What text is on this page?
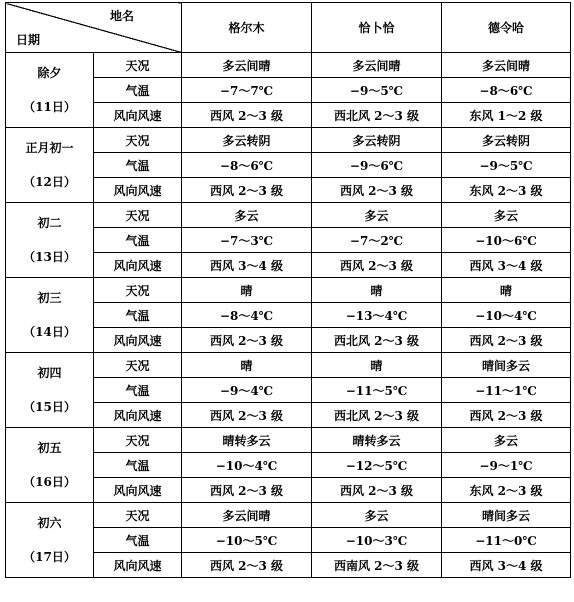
地名
日期		格尔木	恰卜恰	德令哈

除夕
（11日）	天况	多云间晴	多云间晴	多云间晴
	气温	−7～7℃	−9～5℃	−8～6℃
	风向风速	西风 2～3 级	西北风 2～3 级	东风 1～2 级

正月初一
（12日）	天况	多云转阴	多云转阴	多云转阴
	气温	−8～6℃	−9～6℃	−9～5℃
	风向风速	西风 2～3 级	西风 2～3 级	东风 2～3 级

初二
（13日）	天况	多云	多云	多云
	气温	−7～3℃	−7～2℃	−10～6℃
	风向风速	西风 3～4 级	西风 2～3 级	西风 3～4 级

初三
（14日）	天况	晴	晴	晴
	气温	−8～4℃	−13～4℃	−10～4℃
	风向风速	西风 2～3 级	西北风 2～3 级	西风 2～3 级

初四
（15日）	天况	晴	晴	晴间多云
	气温	−9～4℃	−11～5℃	−11～1℃
	风向风速	西风 2～3 级	西北风 2～3 级	西风 2～3 级

初五
（16日）	天况	晴转多云	晴转多云	多云
	气温	−10～4℃	−12～5℃	−9～1℃
	风向风速	西风 2～3 级	西风 2～3 级	东风 2～3 级

初六
（17日）	天况	多云间晴	多云	晴间多云
	气温	−10～5℃	−10～3℃	−11～0℃
	风向风速	西风 2～3 级	西南风 2～3 级	西风 3～4 级
